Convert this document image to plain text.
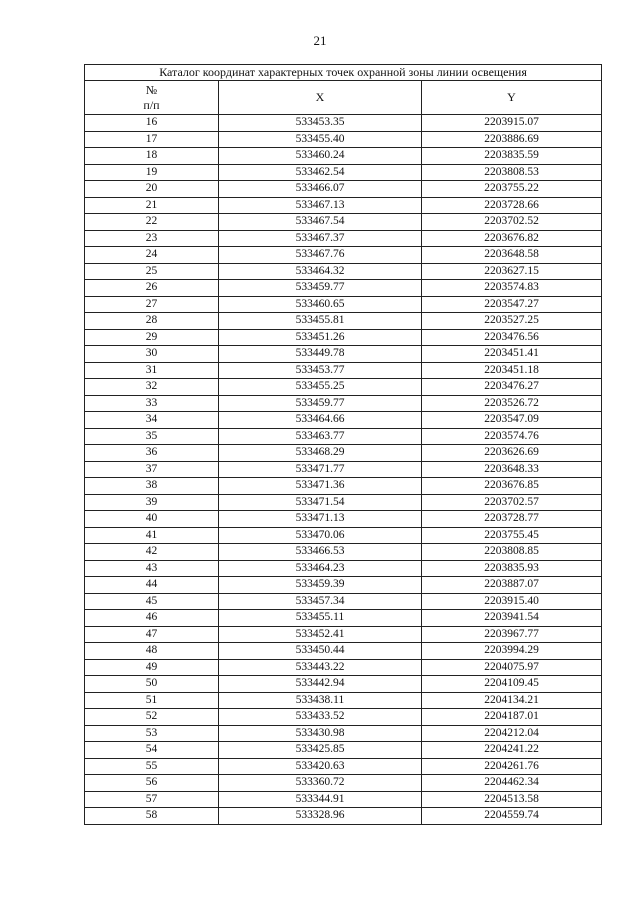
21
Каталог координат характерных точек охранной зоны линии освещения		
№
п/п	X	Y
16	533453.35	2203915.07
17	533455.40	2203886.69
18	533460.24	2203835.59
19	533462.54	2203808.53
20	533466.07	2203755.22
21	533467.13	2203728.66
22	533467.54	2203702.52
23	533467.37	2203676.82
24	533467.76	2203648.58
25	533464.32	2203627.15
26	533459.77	2203574.83
27	533460.65	2203547.27
28	533455.81	2203527.25
29	533451.26	2203476.56
30	533449.78	2203451.41
31	533453.77	2203451.18
32	533455.25	2203476.27
33	533459.77	2203526.72
34	533464.66	2203547.09
35	533463.77	2203574.76
36	533468.29	2203626.69
37	533471.77	2203648.33
38	533471.36	2203676.85
39	533471.54	2203702.57
40	533471.13	2203728.77
41	533470.06	2203755.45
42	533466.53	2203808.85
43	533464.23	2203835.93
44	533459.39	2203887.07
45	533457.34	2203915.40
46	533455.11	2203941.54
47	533452.41	2203967.77
48	533450.44	2203994.29
49	533443.22	2204075.97
50	533442.94	2204109.45
51	533438.11	2204134.21
52	533433.52	2204187.01
53	533430.98	2204212.04
54	533425.85	2204241.22
55	533420.63	2204261.76
56	533360.72	2204462.34
57	533344.91	2204513.58
58	533328.96	2204559.74
